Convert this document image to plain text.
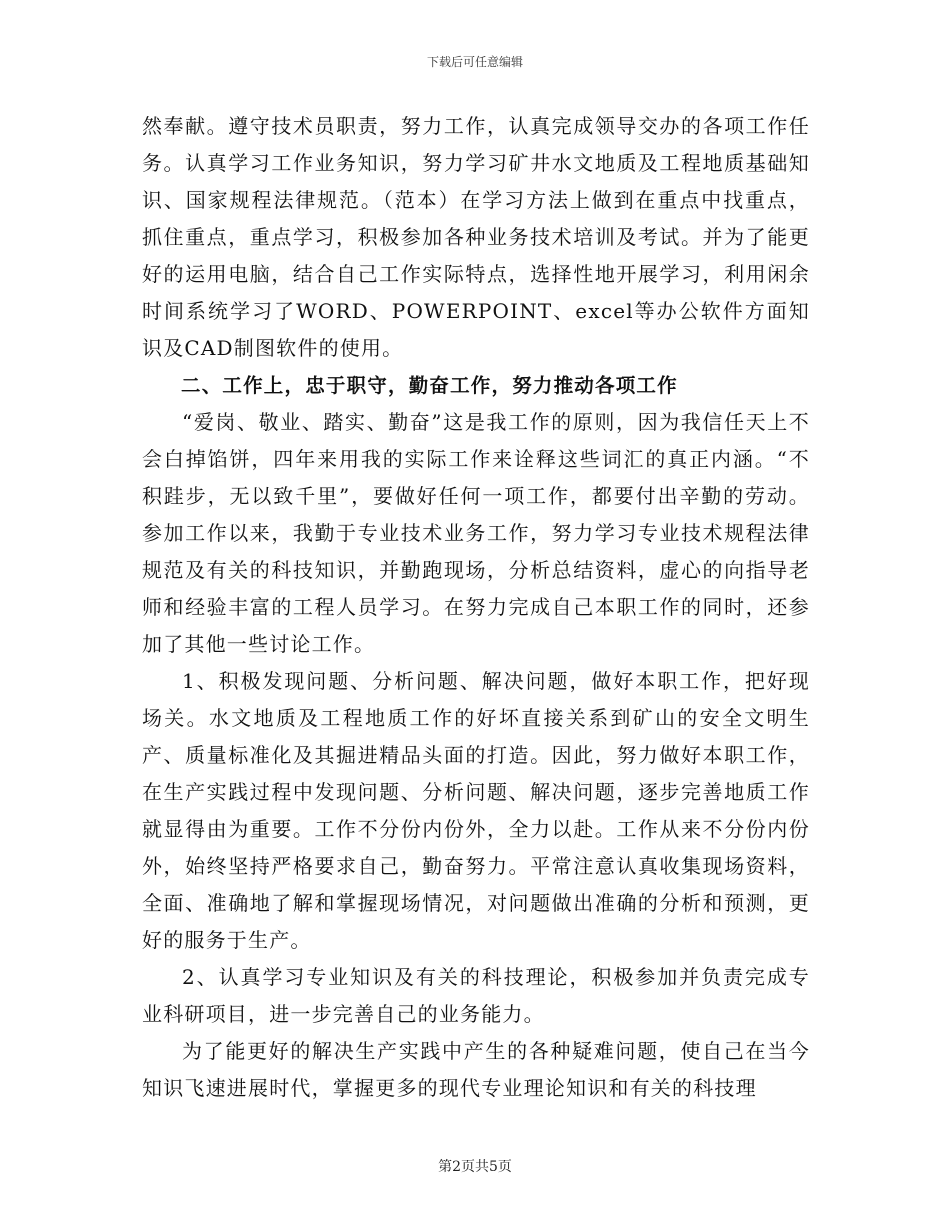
下载后可任意编辑

然奉献。遵守技术员职责，努力工作，认真完成领导交办的各项工作任务。认真学习工作业务知识，努力学习矿井水文地质及工程地质基础知识、国家规程法律规范。（范本）在学习方法上做到在重点中找重点，抓住重点，重点学习，积极参加各种业务技术培训及考试。并为了能更好的运用电脑，结合自己工作实际特点，选择性地开展学习，利用闲余时间系统学习了WORD、POWERPOINT、excel等办公软件方面知识及CAD制图软件的使用。

二、工作上，忠于职守，勤奋工作，努力推动各项工作

“爱岗、敬业、踏实、勤奋”这是我工作的原则，因为我信任天上不会白掉馅饼，四年来用我的实际工作来诠释这些词汇的真正内涵。“不积跬步，无以致千里”，要做好任何一项工作，都要付出辛勤的劳动。参加工作以来，我勤于专业技术业务工作，努力学习专业技术规程法律规范及有关的科技知识，并勤跑现场，分析总结资料，虚心的向指导老师和经验丰富的工程人员学习。在努力完成自己本职工作的同时，还参加了其他一些讨论工作。

1、积极发现问题、分析问题、解决问题，做好本职工作，把好现场关。水文地质及工程地质工作的好坏直接关系到矿山的安全文明生产、质量标准化及其掘进精品头面的打造。因此，努力做好本职工作，在生产实践过程中发现问题、分析问题、解决问题，逐步完善地质工作就显得由为重要。工作不分份内份外，全力以赴。工作从来不分份内份外，始终坚持严格要求自己，勤奋努力。平常注意认真收集现场资料，全面、准确地了解和掌握现场情况，对问题做出准确的分析和预测，更好的服务于生产。

2、认真学习专业知识及有关的科技理论，积极参加并负责完成专业科研项目，进一步完善自己的业务能力。

为了能更好的解决生产实践中产生的各种疑难问题，使自己在当今知识飞速进展时代，掌握更多的现代专业理论知识和有关的科技理

第2页共5页
